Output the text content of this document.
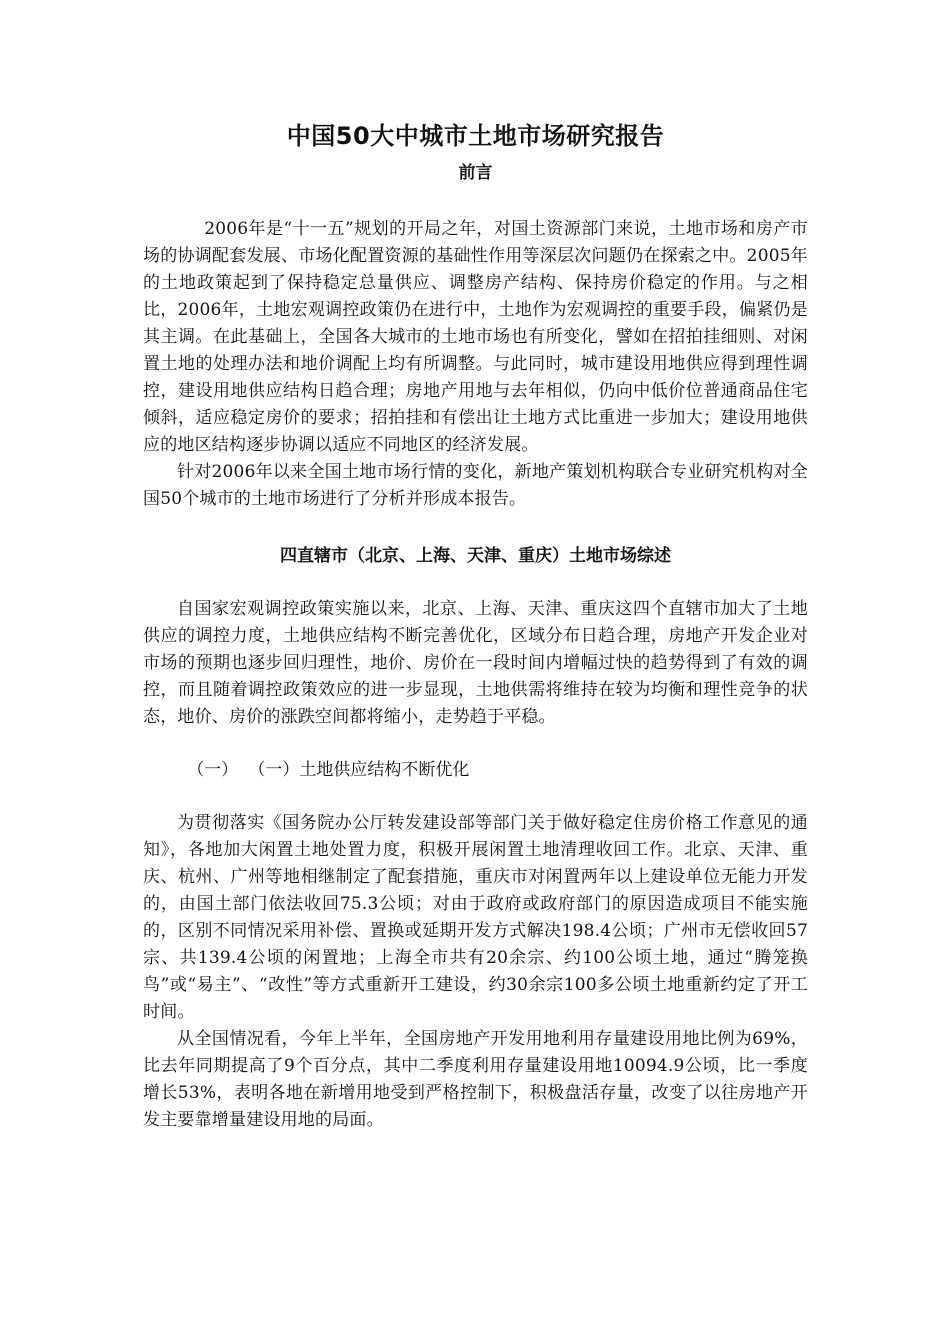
中国50大中城市土地市场研究报告
前言

2006年是“十一五”规划的开局之年，对国土资源部门来说，土地市场和房产市场的协调配套发展、市场化配置资源的基础性作用等深层次问题仍在探索之中。2005年的土地政策起到了保持稳定总量供应、调整房产结构、保持房价稳定的作用。与之相比，2006年，土地宏观调控政策仍在进行中，土地作为宏观调控的重要手段，偏紧仍是其主调。在此基础上，全国各大城市的土地市场也有所变化，譬如在招拍挂细则、对闲置土地的处理办法和地价调配上均有所调整。与此同时，城市建设用地供应得到理性调控，建设用地供应结构日趋合理；房地产用地与去年相似，仍向中低价位普通商品住宅倾斜，适应稳定房价的要求；招拍挂和有偿出让土地方式比重进一步加大；建设用地供应的地区结构逐步协调以适应不同地区的经济发展。

针对2006年以来全国土地市场行情的变化，新地产策划机构联合专业研究机构对全国50个城市的土地市场进行了分析并形成本报告。

四直辖市（北京、上海、天津、重庆）土地市场综述

自国家宏观调控政策实施以来，北京、上海、天津、重庆这四个直辖市加大了土地供应的调控力度，土地供应结构不断完善优化，区域分布日趋合理，房地产开发企业对市场的预期也逐步回归理性，地价、房价在一段时间内增幅过快的趋势得到了有效的调控，而且随着调控政策效应的进一步显现，土地供需将维持在较为均衡和理性竞争的状态，地价、房价的涨跌空间都将缩小，走势趋于平稳。

（一） （一）土地供应结构不断优化

为贯彻落实《国务院办公厅转发建设部等部门关于做好稳定住房价格工作意见的通知》，各地加大闲置土地处置力度，积极开展闲置土地清理收回工作。北京、天津、重庆、杭州、广州等地相继制定了配套措施，重庆市对闲置两年以上建设单位无能力开发的，由国土部门依法收回75.3公顷；对由于政府或政府部门的原因造成项目不能实施的，区别不同情况采用补偿、置换或延期开发方式解决198.4公顷；广州市无偿收回57宗、共139.4公顷的闲置地；上海全市共有20余宗、约100公顷土地，通过“腾笼换鸟”或“易主”、“改性”等方式重新开工建设，约30余宗100多公顷土地重新约定了开工时间。

从全国情况看，今年上半年，全国房地产开发用地利用存量建设用地比例为69%，比去年同期提高了9个百分点，其中二季度利用存量建设用地10094.9公顷，比一季度增长53%，表明各地在新增用地受到严格控制下，积极盘活存量，改变了以往房地产开发主要靠增量建设用地的局面。
